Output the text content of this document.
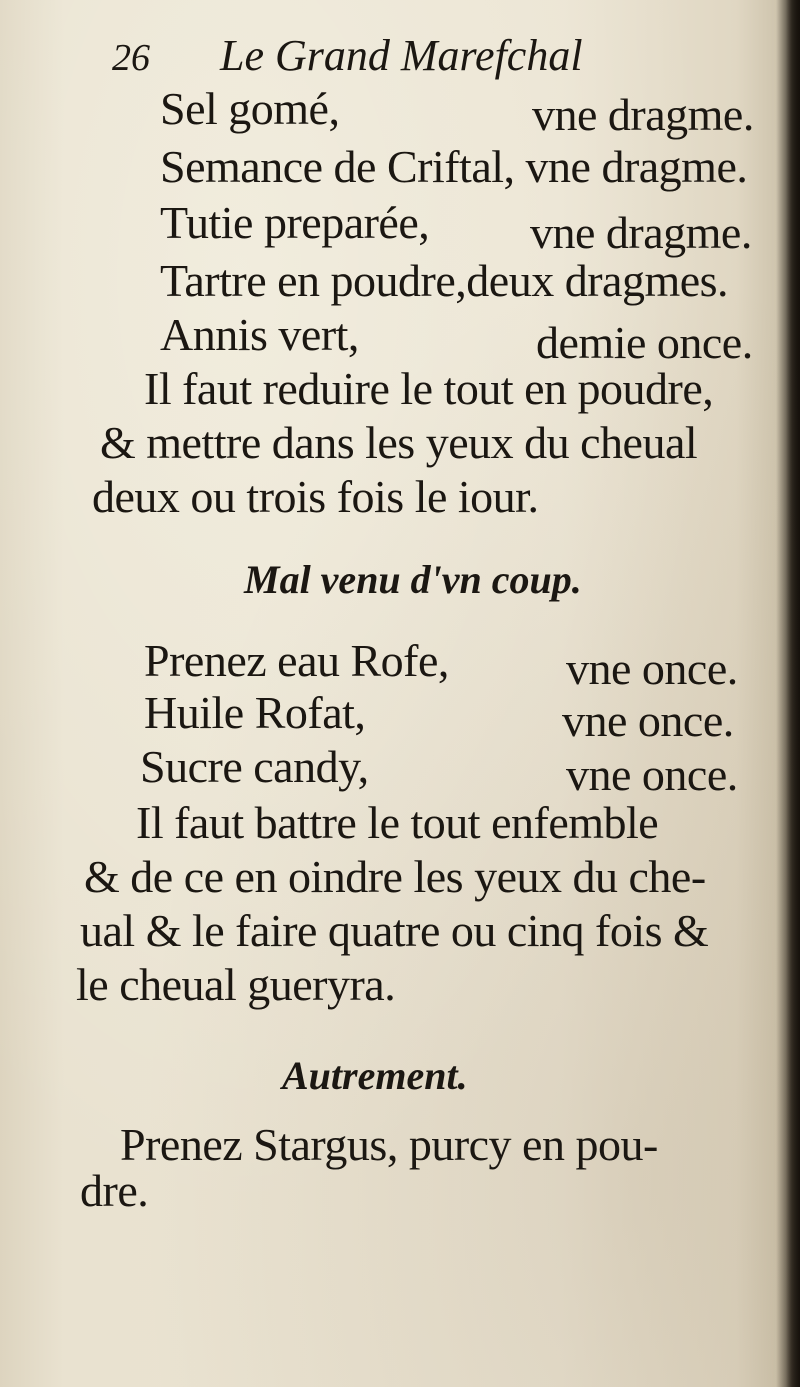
26 Le Grand Marefchal
Sel gomé,	vne dragme.
Semance de Criftal, vne dragme.
Tutie preparée, vne dragme.
Tartre en poudre,deux dragmes.
Annis vert,	demie once.
Il faut reduire le tout en poudre,
& mettre dans les yeux du cheual
deux ou trois fois le iour.
Mal venu d'vn coup.
Prenez eau Rofe,	vne once.
Huile Rofat,	vne once.
Sucre candy,	vne once.
Il faut battre le tout enfemble
& de ce en oindre les yeux du che-
ual & le faire quatre ou cinq fois &
le cheual gueryra.
Autrement.
Prenez Stargus, purcy en pou-
dre.
